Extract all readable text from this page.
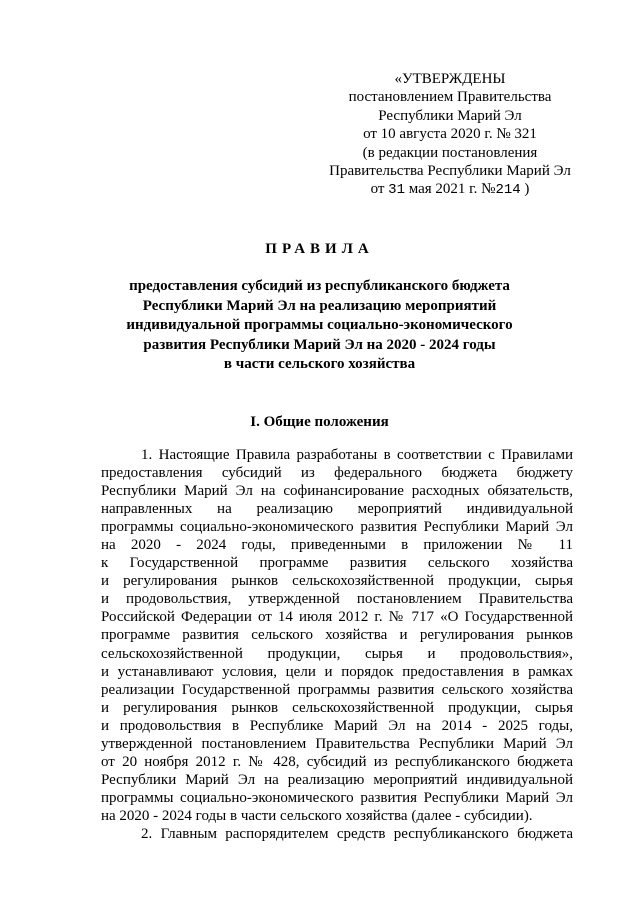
«УТВЕРЖДЕНЫ
постановлением Правительства
Республики Марий Эл
от 10 августа 2020 г. № 321
(в редакции постановления
Правительства Республики Марий Эл
от 31 мая 2021 г. №214 )
ПРАВИЛА
предоставления субсидий из республиканского бюджета
Республики Марий Эл на реализацию мероприятий
индивидуальной программы социально-экономического
развития Республики Марий Эл на 2020 - 2024 годы
в части сельского хозяйства
I. Общие положения
1. Настоящие Правила разработаны в соответствии с Правилами
предоставления субсидий из федерального бюджета бюджету
Республики Марий Эл на софинансирование расходных обязательств,
направленных на реализацию мероприятий индивидуальной
программы социально-экономического развития Республики Марий Эл
на 2020 - 2024 годы, приведенными в приложении № 11
к Государственной программе развития сельского хозяйства
и регулирования рынков сельскохозяйственной продукции, сырья
и продовольствия, утвержденной постановлением Правительства
Российской Федерации от 14 июля 2012 г. № 717 «О Государственной
программе развития сельского хозяйства и регулирования рынков
сельскохозяйственной продукции, сырья и продовольствия»,
и устанавливают условия, цели и порядок предоставления в рамках
реализации Государственной программы развития сельского хозяйства
и регулирования рынков сельскохозяйственной продукции, сырья
и продовольствия в Республике Марий Эл на 2014 - 2025 годы,
утвержденной постановлением Правительства Республики Марий Эл
от 20 ноября 2012 г. № 428, субсидий из республиканского бюджета
Республики Марий Эл на реализацию мероприятий индивидуальной
программы социально-экономического развития Республики Марий Эл
на 2020 - 2024 годы в части сельского хозяйства (далее - субсидии).
2. Главным распорядителем средств республиканского бюджета
